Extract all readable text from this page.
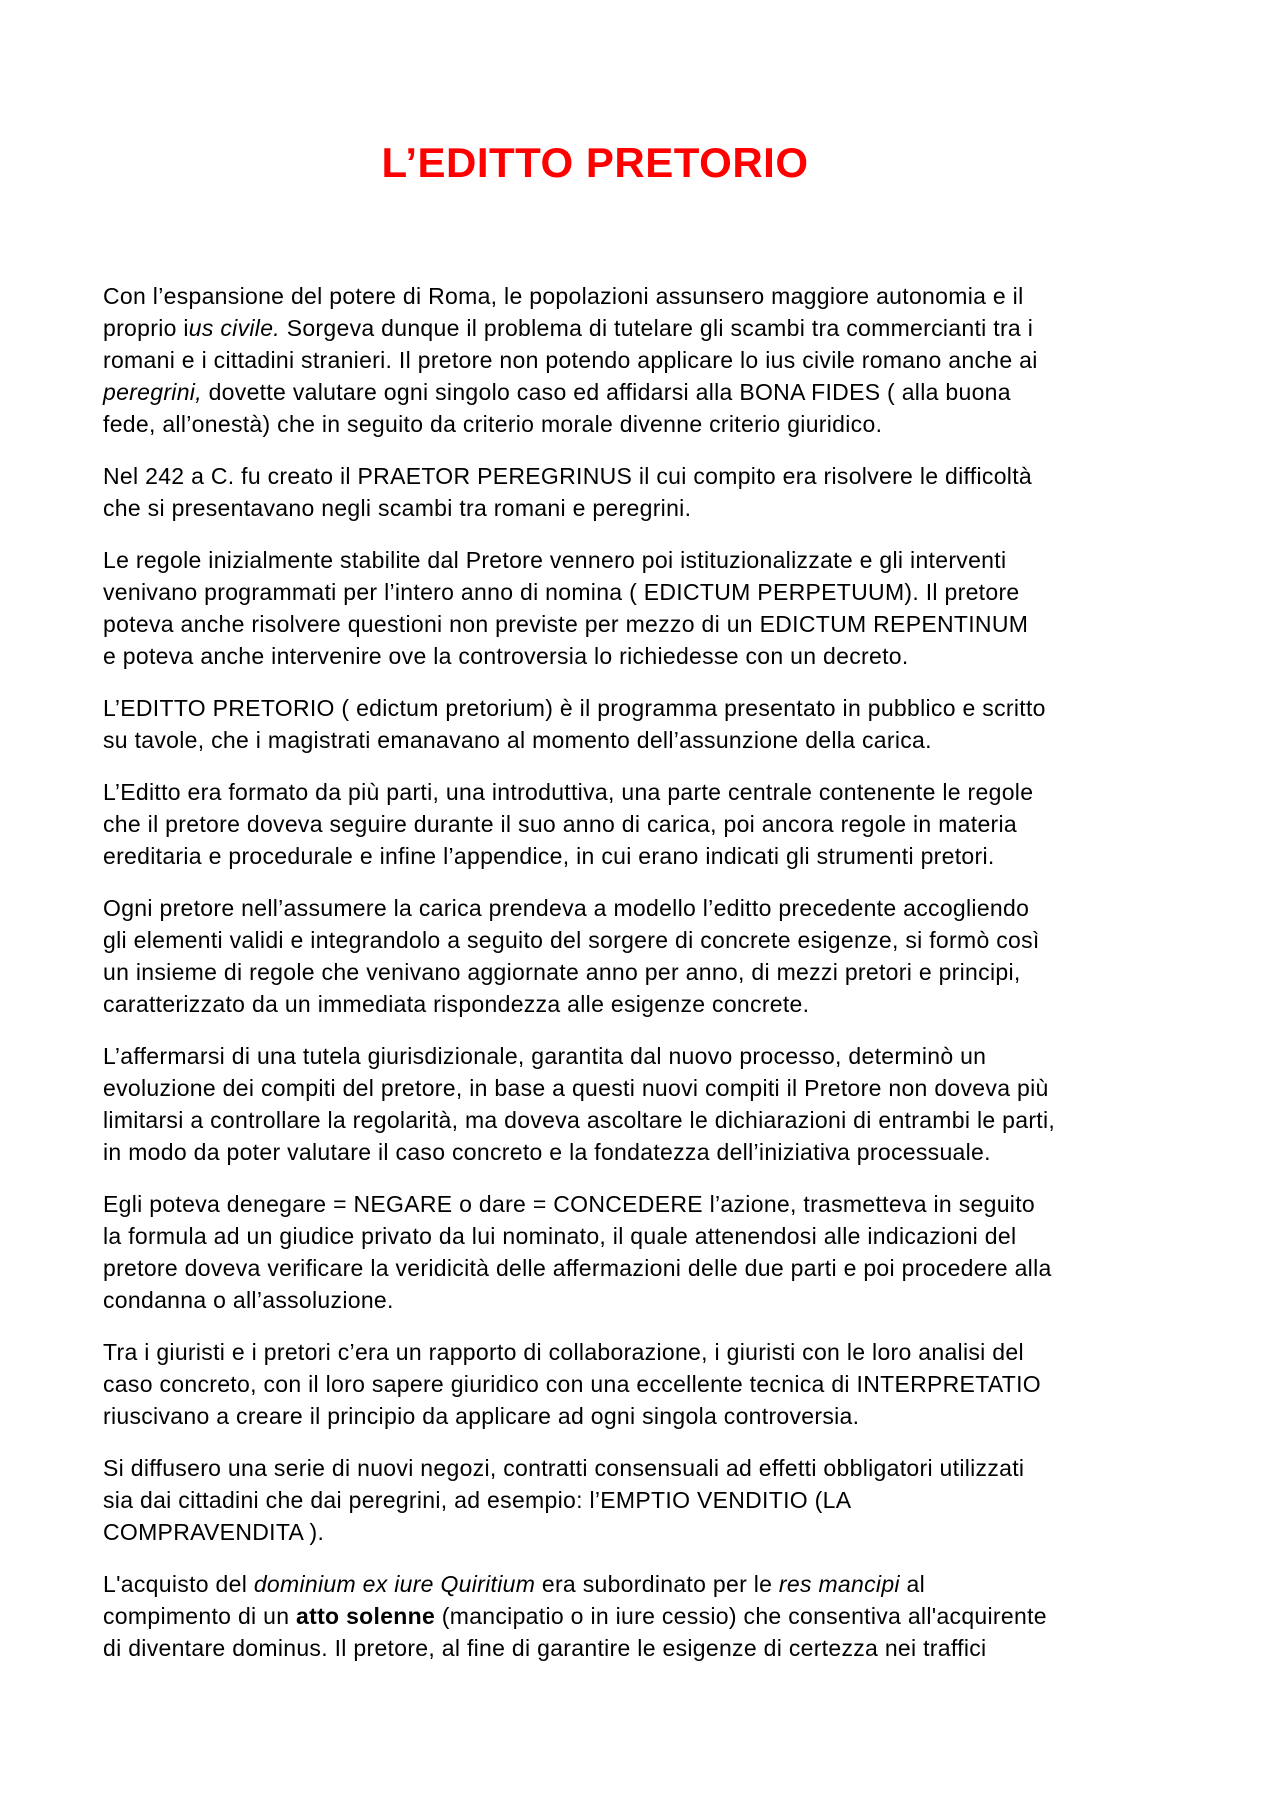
L’EDITTO PRETORIO
Con l’espansione del potere di Roma, le popolazioni assunsero maggiore autonomia e il
proprio ius civile. Sorgeva dunque il problema di tutelare gli scambi tra commercianti tra i
romani e i cittadini stranieri. Il pretore non potendo applicare lo ius civile romano anche ai
peregrini, dovette valutare ogni singolo caso ed affidarsi alla BONA FIDES ( alla buona
fede, all’onestà) che in seguito da criterio morale divenne criterio giuridico.
Nel 242 a C. fu creato il PRAETOR PEREGRINUS il cui compito era risolvere le difficoltà
che si presentavano negli scambi tra romani e peregrini.
Le regole inizialmente stabilite dal Pretore vennero poi istituzionalizzate e gli interventi
venivano programmati per l’intero anno di nomina ( EDICTUM PERPETUUM). Il pretore
poteva anche risolvere questioni non previste per mezzo di un EDICTUM REPENTINUM
e poteva anche intervenire ove la controversia lo richiedesse con un decreto.
L’EDITTO PRETORIO ( edictum pretorium) è il programma presentato in pubblico e scritto
su tavole, che i magistrati emanavano al momento dell’assunzione della carica.
L’Editto era formato da più parti, una introduttiva, una parte centrale contenente le regole
che il pretore doveva seguire durante il suo anno di carica, poi ancora regole in materia
ereditaria e procedurale e infine l’appendice, in cui erano indicati gli strumenti pretori.
Ogni pretore nell’assumere la carica prendeva a modello l’editto precedente accogliendo
gli elementi validi e integrandolo a seguito del sorgere di concrete esigenze, si formò così
un insieme di regole che venivano aggiornate anno per anno, di mezzi pretori e principi,
caratterizzato da un immediata rispondezza alle esigenze concrete.
L’affermarsi di una tutela giurisdizionale, garantita dal nuovo processo, determinò un
evoluzione dei compiti del pretore, in base a questi nuovi compiti il Pretore non doveva più
limitarsi a controllare la regolarità, ma doveva ascoltare le dichiarazioni di entrambi le parti,
in modo da poter valutare il caso concreto e la fondatezza dell’iniziativa processuale.
Egli poteva denegare = NEGARE o dare = CONCEDERE l’azione, trasmetteva in seguito
la formula ad un giudice privato da lui nominato, il quale attenendosi alle indicazioni del
pretore doveva verificare la veridicità delle affermazioni delle due parti e poi procedere alla
condanna o all’assoluzione.
Tra i giuristi e i pretori c’era un rapporto di collaborazione, i giuristi con le loro analisi del
caso concreto, con il loro sapere giuridico con una eccellente tecnica di INTERPRETATIO
riuscivano a creare il principio da applicare ad ogni singola controversia.
Si diffusero una serie di nuovi negozi, contratti consensuali ad effetti obbligatori utilizzati
sia dai cittadini che dai peregrini, ad esempio: l’EMPTIO VENDITIO (LA
COMPRAVENDITA ).
L'acquisto del dominium ex iure Quiritium era subordinato per le res mancipi al
compimento di un atto solenne (mancipatio o in iure cessio) che consentiva all'acquirente
di diventare dominus. Il pretore, al fine di garantire le esigenze di certezza nei traffici
